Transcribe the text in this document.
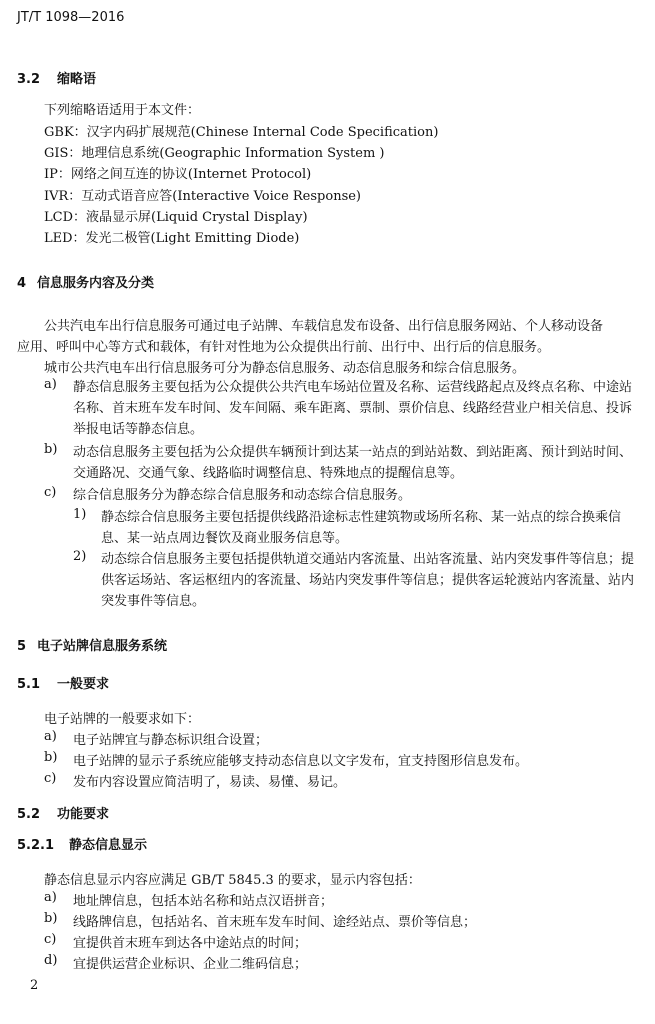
JT/T 1098—2016
3.2 缩略语
下列缩略语适用于本文件：
GBK：汉字内码扩展规范(Chinese Internal Code Specification)
GIS：地理信息系统(Geographic Information System )
IP：网络之间互连的协议(Internet Protocol)
IVR：互动式语音应答(Interactive Voice Response)
LCD：液晶显示屏(Liquid Crystal Display)
LED：发光二极管(Light Emitting Diode)
4 信息服务内容及分类
公共汽电车出行信息服务可通过电子站牌、车载信息发布设备、出行信息服务网站、个人移动设备
应用、呼叫中心等方式和载体，有针对性地为公众提供出行前、出行中、出行后的信息服务。
城市公共汽电车出行信息服务可分为静态信息服务、动态信息服务和综合信息服务。
a) 静态信息服务主要包括为公众提供公共汽电车场站位置及名称、运营线路起点及终点名称、中途站名称、首末班车发车时间、发车间隔、乘车距离、票制、票价信息、线路经营业户相关信息、投诉举报电话等静态信息。
b) 动态信息服务主要包括为公众提供车辆预计到达某一站点的到站站数、到站距离、预计到站时间、交通路况、交通气象、线路临时调整信息、特殊地点的提醒信息等。
c) 综合信息服务分为静态综合信息服务和动态综合信息服务。
1) 静态综合信息服务主要包括提供线路沿途标志性建筑物或场所名称、某一站点的综合换乘信息、某一站点周边餐饮及商业服务信息等。
2) 动态综合信息服务主要包括提供轨道交通站内客流量、出站客流量、站内突发事件等信息；提供客运场站、客运枢纽内的客流量、场站内突发事件等信息；提供客运轮渡站内客流量、站内突发事件等信息。
5 电子站牌信息服务系统
5.1 一般要求
电子站牌的一般要求如下：
a) 电子站牌宜与静态标识组合设置；
b) 电子站牌的显示子系统应能够支持动态信息以文字发布，宜支持图形信息发布。
c) 发布内容设置应简洁明了，易读、易懂、易记。
5.2 功能要求
5.2.1 静态信息显示
静态信息显示内容应满足 GB/T 5845.3 的要求，显示内容包括：
a) 地址牌信息，包括本站名称和站点汉语拼音；
b) 线路牌信息，包括站名、首末班车发车时间、途经站点、票价等信息；
c) 宜提供首末班车到达各中途站点的时间；
d) 宜提供运营企业标识、企业二维码信息；
2
